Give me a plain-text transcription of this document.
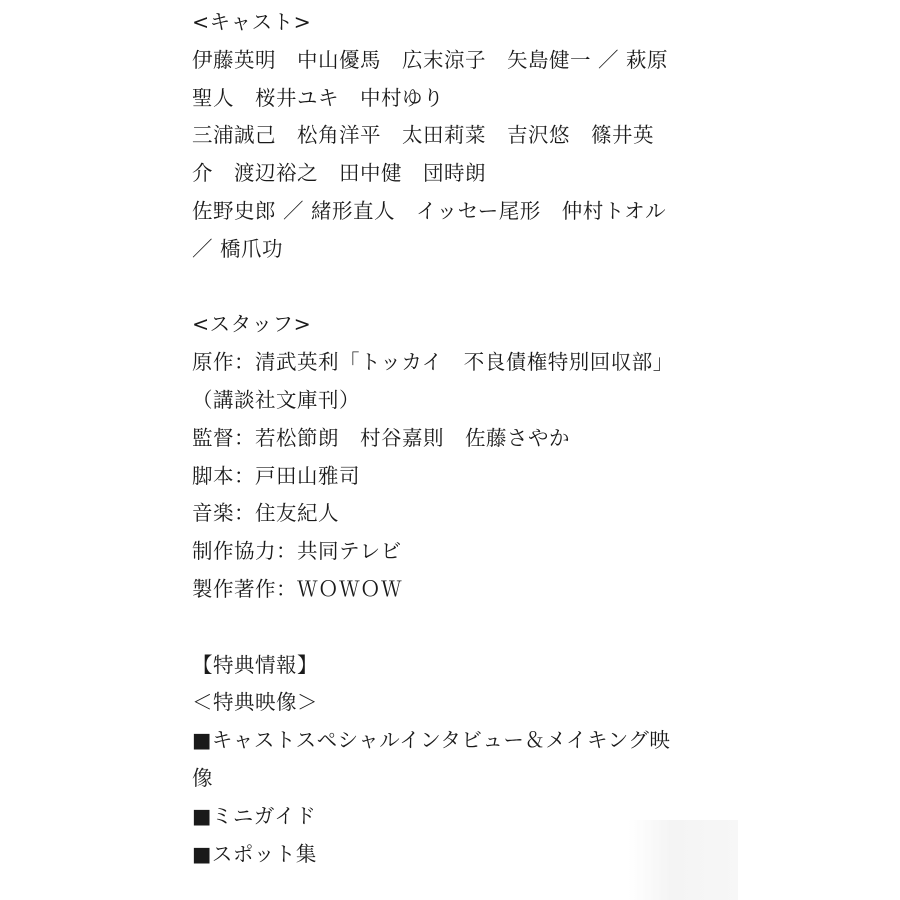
<キャスト>
伊藤英明　中山優馬　広末涼子　矢島健一 ／ 萩原
聖人　桜井ユキ　中村ゆり
三浦誠己　松角洋平　太田莉菜　吉沢悠　篠井英
介　渡辺裕之　田中健　団時朗
佐野史郎 ／ 緒形直人　イッセー尾形　仲村トオル
／ 橋爪功
<スタッフ>
原作：清武英利「トッカイ　不良債権特別回収部」
（講談社文庫刊）
監督：若松節朗　村谷嘉則　佐藤さやか
脚本：戸田山雅司
音楽：住友紀人
制作協力：共同テレビ
製作著作：ＷＯＷＯＷ
【特典情報】
＜特典映像＞
■キャストスペシャルインタビュー＆メイキング映
像
■ミニガイド
■スポット集
